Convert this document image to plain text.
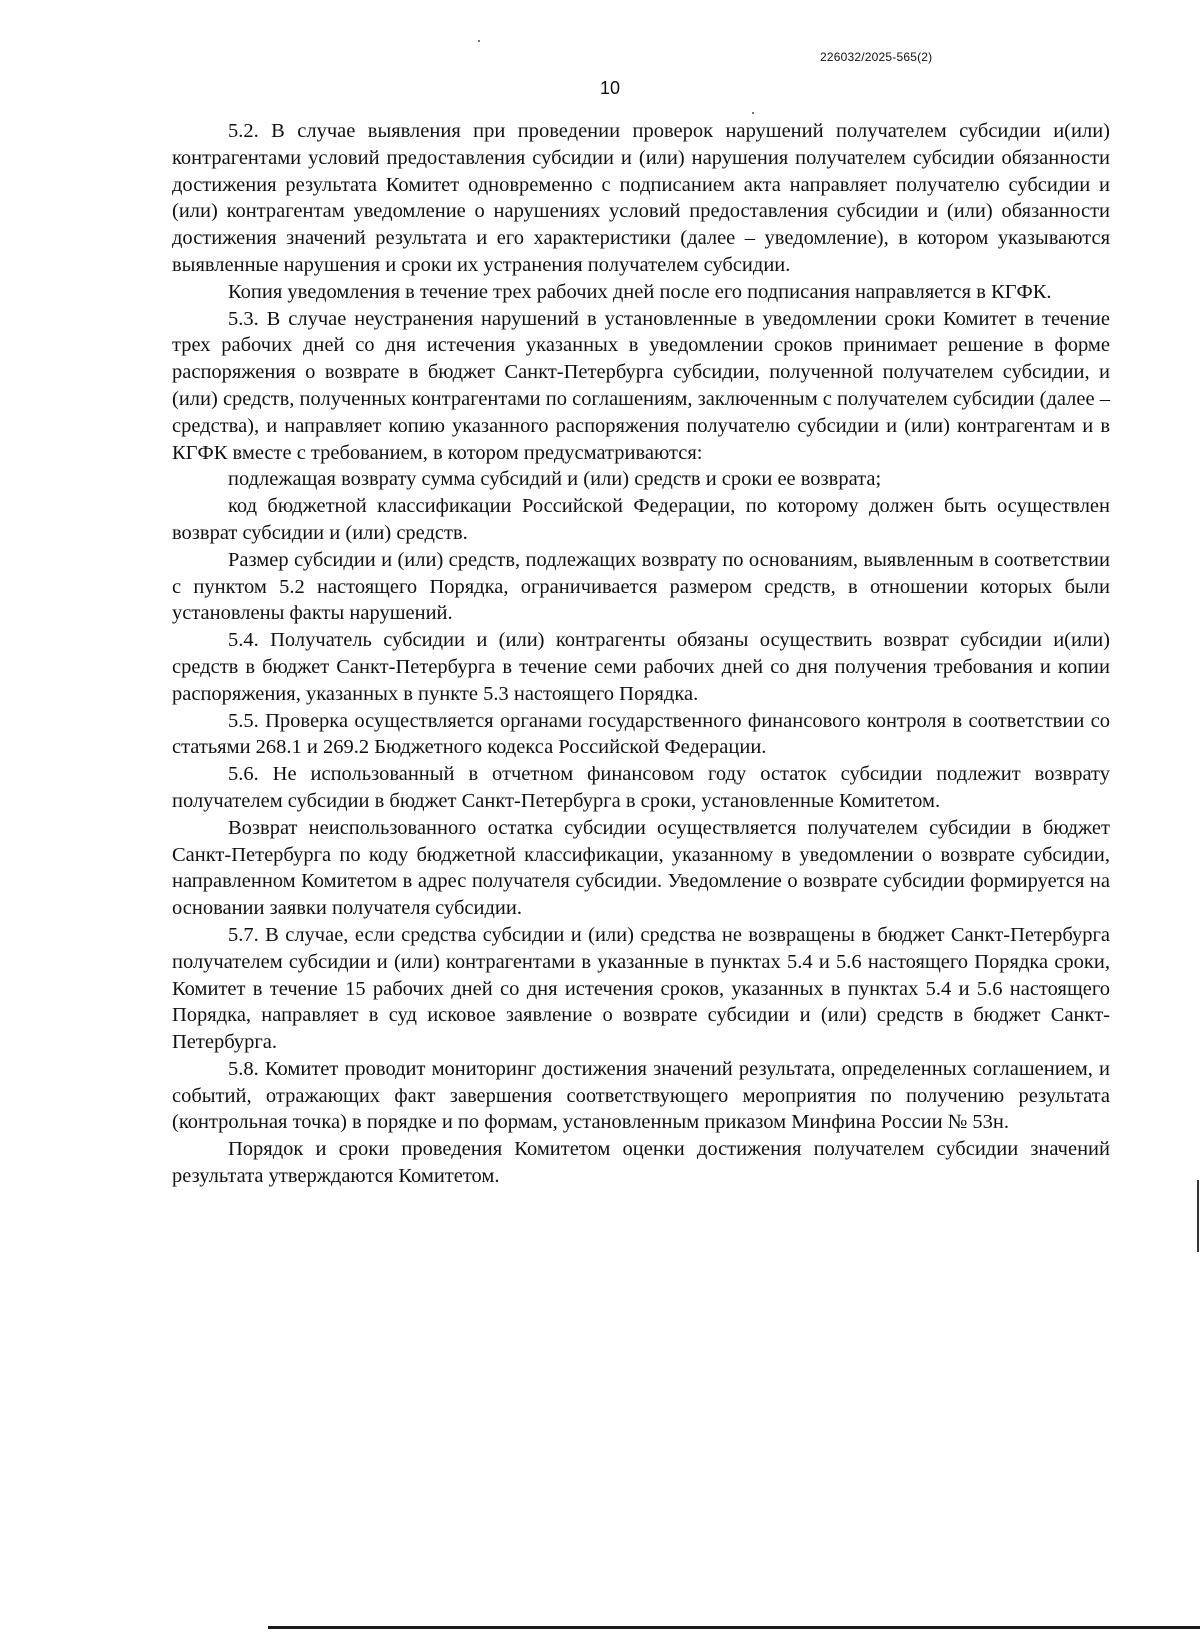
226032/2025-565(2)
10

5.2. В случае выявления при проведении проверок нарушений получателем субсидии и(или) контрагентами условий предоставления субсидии и (или) нарушения получателем субсидии обязанности достижения результата Комитет одновременно с подписанием акта направляет получателю субсидии и (или) контрагентам уведомление о нарушениях условий предоставления субсидии и (или) обязанности достижения значений результата и его характеристики (далее – уведомление), в котором указываются выявленные нарушения и сроки их устранения получателем субсидии.

Копия уведомления в течение трех рабочих дней после его подписания направляется в КГФК.

5.3. В случае неустранения нарушений в установленные в уведомлении сроки Комитет в течение трех рабочих дней со дня истечения указанных в уведомлении сроков принимает решение в форме распоряжения о возврате в бюджет Санкт-Петербурга субсидии, полученной получателем субсидии, и (или) средств, полученных контрагентами по соглашениям, заключенным с получателем субсидии (далее – средства), и направляет копию указанного распоряжения получателю субсидии и (или) контрагентам и в КГФК вместе с требованием, в котором предусматриваются:

подлежащая возврату сумма субсидий и (или) средств и сроки ее возврата;

код бюджетной классификации Российской Федерации, по которому должен быть осуществлен возврат субсидии и (или) средств.

Размер субсидии и (или) средств, подлежащих возврату по основаниям, выявленным в соответствии с пунктом 5.2 настоящего Порядка, ограничивается размером средств, в отношении которых были установлены факты нарушений.

5.4. Получатель субсидии и (или) контрагенты обязаны осуществить возврат субсидии и(или) средств в бюджет Санкт-Петербурга в течение семи рабочих дней со дня получения требования и копии распоряжения, указанных в пункте 5.3 настоящего Порядка.

5.5. Проверка осуществляется органами государственного финансового контроля в соответствии со статьями 268.1 и 269.2 Бюджетного кодекса Российской Федерации.

5.6. Не использованный в отчетном финансовом году остаток субсидии подлежит возврату получателем субсидии в бюджет Санкт-Петербурга в сроки, установленные Комитетом.

Возврат неиспользованного остатка субсидии осуществляется получателем субсидии в бюджет Санкт-Петербурга по коду бюджетной классификации, указанному в уведомлении о возврате субсидии, направленном Комитетом в адрес получателя субсидии. Уведомление о возврате субсидии формируется на основании заявки получателя субсидии.

5.7. В случае, если средства субсидии и (или) средства не возвращены в бюджет Санкт-Петербурга получателем субсидии и (или) контрагентами в указанные в пунктах 5.4 и 5.6 настоящего Порядка сроки, Комитет в течение 15 рабочих дней со дня истечения сроков, указанных в пунктах 5.4 и 5.6 настоящего Порядка, направляет в суд исковое заявление о возврате субсидии и (или) средств в бюджет Санкт-Петербурга.

5.8. Комитет проводит мониторинг достижения значений результата, определенных соглашением, и событий, отражающих факт завершения соответствующего мероприятия по получению результата (контрольная точка) в порядке и по формам, установленным приказом Минфина России № 53н.

Порядок и сроки проведения Комитетом оценки достижения получателем субсидии значений результата утверждаются Комитетом.
